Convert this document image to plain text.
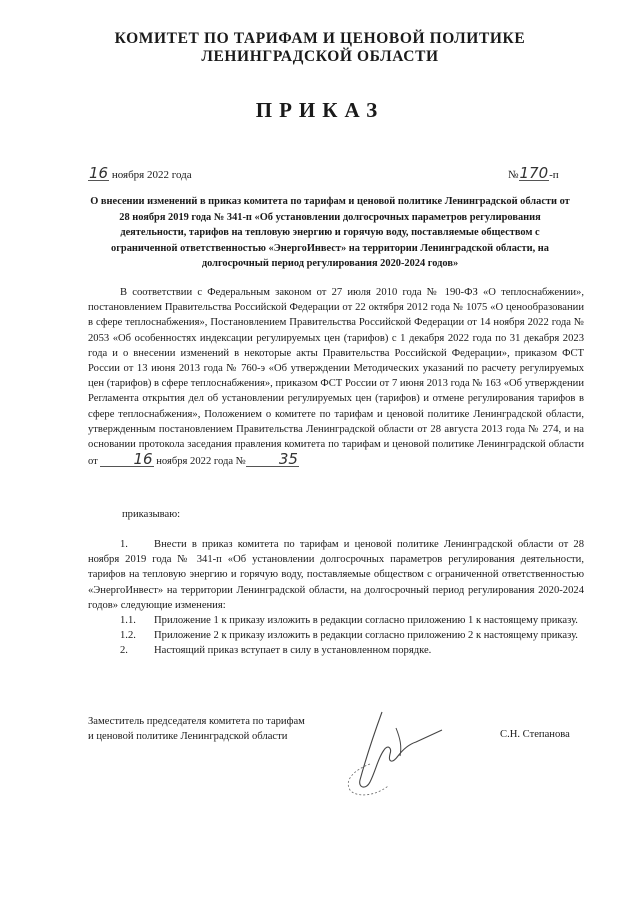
КОМИТЕТ ПО ТАРИФАМ И ЦЕНОВОЙ ПОЛИТИКЕ
ЛЕНИНГРАДСКОЙ ОБЛАСТИ
ПРИКАЗ
16 ноября 2022 года	№170-п
О внесении изменений в приказ комитета по тарифам и ценовой политике Ленинградской области от 28 ноября 2019 года № 341-п «Об установлении долгосрочных параметров регулирования деятельности, тарифов на тепловую энергию и горячую воду, поставляемые обществом с ограниченной ответственностью «ЭнергоИнвест» на территории Ленинградской области, на долгосрочный период регулирования 2020-2024 годов»

В соответствии с Федеральным законом от 27 июля 2010 года № 190-ФЗ «О теплоснабжении», постановлением Правительства Российской Федерации от 22 октября 2012 года № 1075 «О ценообразовании в сфере теплоснабжения», Постановлением Правительства Российской Федерации от 14 ноября 2022 года № 2053 «Об особенностях индексации регулируемых цен (тарифов) с 1 декабря 2022 года по 31 декабря 2023 года и о внесении изменений в некоторые акты Правительства Российской Федерации», приказом ФСТ России от 13 июня 2013 года № 760-э «Об утверждении Методических указаний по расчету регулируемых цен (тарифов) в сфере теплоснабжения», приказом ФСТ России от 7 июня 2013 года № 163 «Об утверждении Регламента открытия дел об установлении регулируемых цен (тарифов) и отмене регулирования тарифов в сфере теплоснабжения», Положением о комитете по тарифам и ценовой политике Ленинградской области, утвержденным постановлением Правительства Ленинградской области от 28 августа 2013 года № 274, и на основании протокола заседания правления комитета по тарифам и ценовой политике Ленинградской области от 16 ноября 2022 года № 35

приказываю:

1. Внести в приказ комитета по тарифам и ценовой политике Ленинградской области от 28 ноября 2019 года № 341-п «Об установлении долгосрочных параметров регулирования деятельности, тарифов на тепловую энергию и горячую воду, поставляемые обществом с ограниченной ответственностью «ЭнергоИнвест» на территории Ленинградской области, на долгосрочный период регулирования 2020-2024 годов» следующие изменения:

1.1. Приложение 1 к приказу изложить в редакции согласно приложению 1 к настоящему приказу.

1.2. Приложение 2 к приказу изложить в редакции согласно приложению 2 к настоящему приказу.

2. Настоящий приказ вступает в силу в установленном порядке.

Заместитель председателя комитета по тарифам
и ценовой политике Ленинградской области	С.Н. Степанова
